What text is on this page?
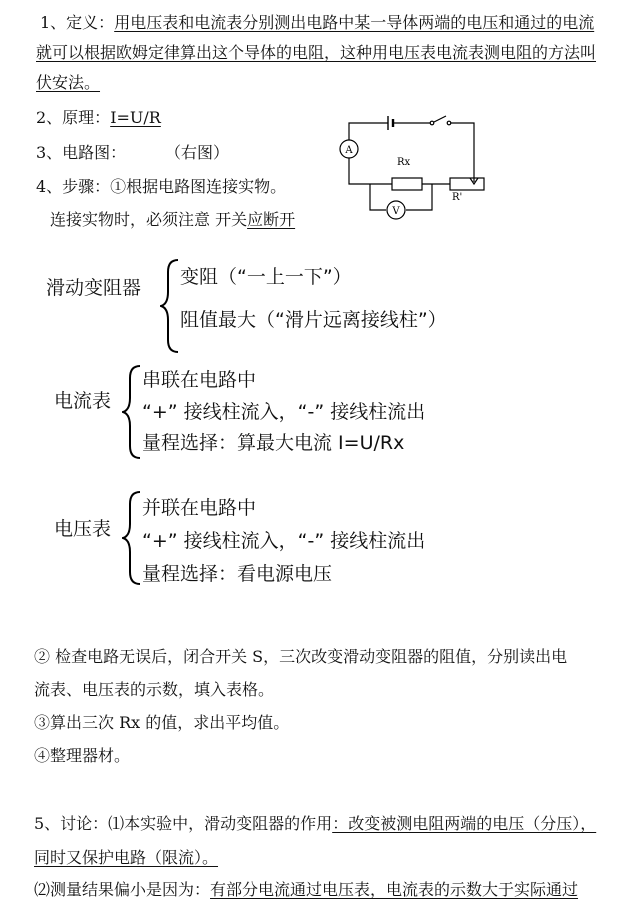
1、定义：用电压表和电流表分别测出电路中某一导体两端的电压和通过的电流
就可以根据欧姆定律算出这个导体的电阻，这种用电压表电流表测电阻的方法叫
伏安法。
2、原理：I=U/R
3、电路图： （右图）
4、步骤：①根据电路图连接实物。
连接实物时，必须注意 开关应断开
A
V
Rx
R'
滑动变阻器 变阻（“一上一下”）
阻值最大（“滑片远离接线柱”）
电流表
串联在电路中
“+” 接线柱流入，“-” 接线柱流出
量程选择：算最大电流 I=U/Rx
电压表
并联在电路中
“+” 接线柱流入，“-” 接线柱流出
量程选择：看电源电压
② 检查电路无误后，闭合开关 S，三次改变滑动变阻器的阻值，分别读出电
流表、电压表的示数，填入表格。
③算出三次 Rx 的值，求出平均值。
④整理器材。
5、讨论：⑴本实验中，滑动变阻器的作用：改变被测电阻两端的电压（分压），
同时又保护电路（限流）。
⑵测量结果偏小是因为：有部分电流通过电压表，电流表的示数大于实际通过
